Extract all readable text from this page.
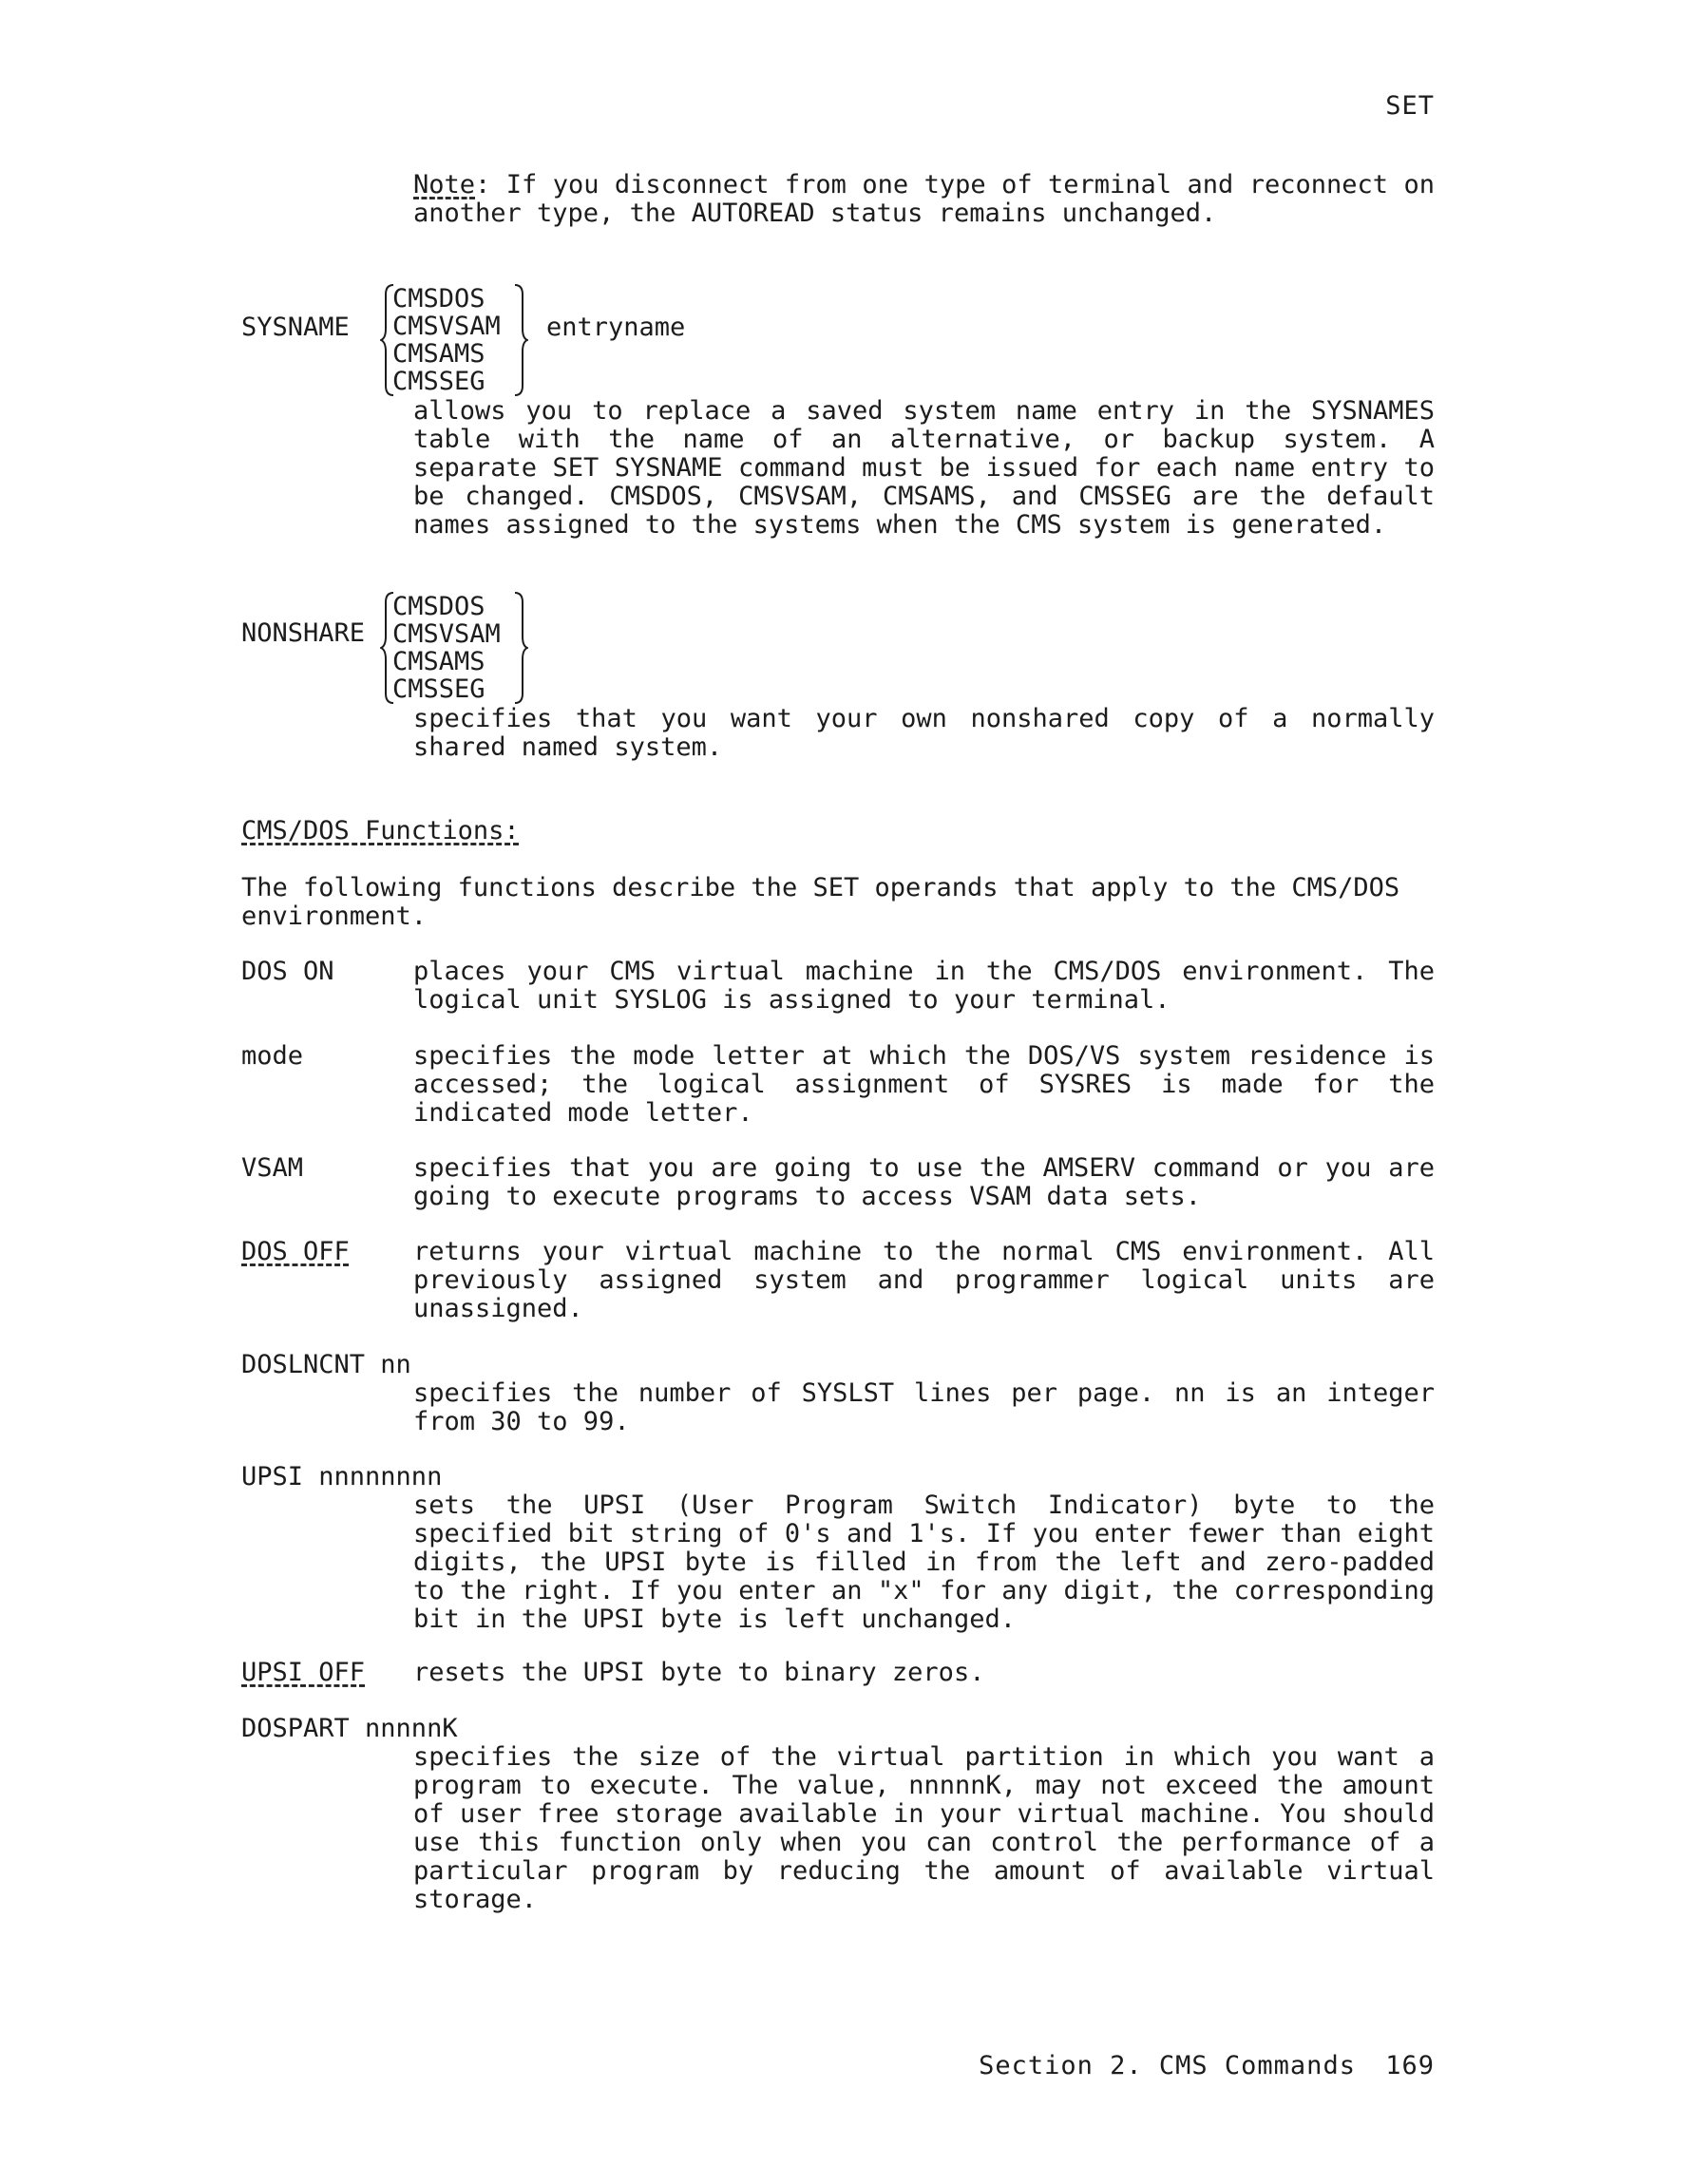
SET

Note: If you disconnect from one type of terminal and reconnect on another type, the AUTOREAD status remains unchanged.

SYSNAME
CMSDOS
CMSVSAM
CMSAMS
CMSSEG
entryname

allows you to replace a saved system name entry in the SYSNAMES table with the name of an alternative, or backup system. A separate SET SYSNAME command must be issued for each name entry to be changed. CMSDOS, CMSVSAM, CMSAMS, and CMSSEG are the default names assigned to the systems when the CMS system is generated.

NONSHARE
CMSDOS
CMSVSAM
CMSAMS
CMSSEG

specifies that you want your own nonshared copy of a normally shared named system.

CMS/DOS Functions:

The following functions describe the SET operands that apply to the CMS/DOS environment.

DOS ON	places your CMS virtual machine in the CMS/DOS environment. The logical unit SYSLOG is assigned to your terminal.

mode	specifies the mode letter at which the DOS/VS system residence is accessed; the logical assignment of SYSRES is made for the indicated mode letter.

VSAM	specifies that you are going to use the AMSERV command or you are going to execute programs to access VSAM data sets.

DOS OFF returns your virtual machine to the normal CMS environment. All previously assigned system and programmer logical units are unassigned.

DOSLNCNT nn

specifies the number of SYSLST lines per page. nn is an integer from 30 to 99.

UPSI nnnnnnnn

sets the UPSI (User Program Switch Indicator) byte to the specified bit string of 0's and 1's. If you enter fewer than eight digits, the UPSI byte is filled in from the left and zero-padded to the right. If you enter an "x" for any digit, the corresponding bit in the UPSI byte is left unchanged.

UPSI OFF resets the UPSI byte to binary zeros.

DOSPART nnnnnK

specifies the size of the virtual partition in which you want a program to execute. The value, nnnnnK, may not exceed the amount of user free storage available in your virtual machine. You should use this function only when you can control the performance of a particular program by reducing the amount of available virtual storage.

Section 2. CMS Commands 169
